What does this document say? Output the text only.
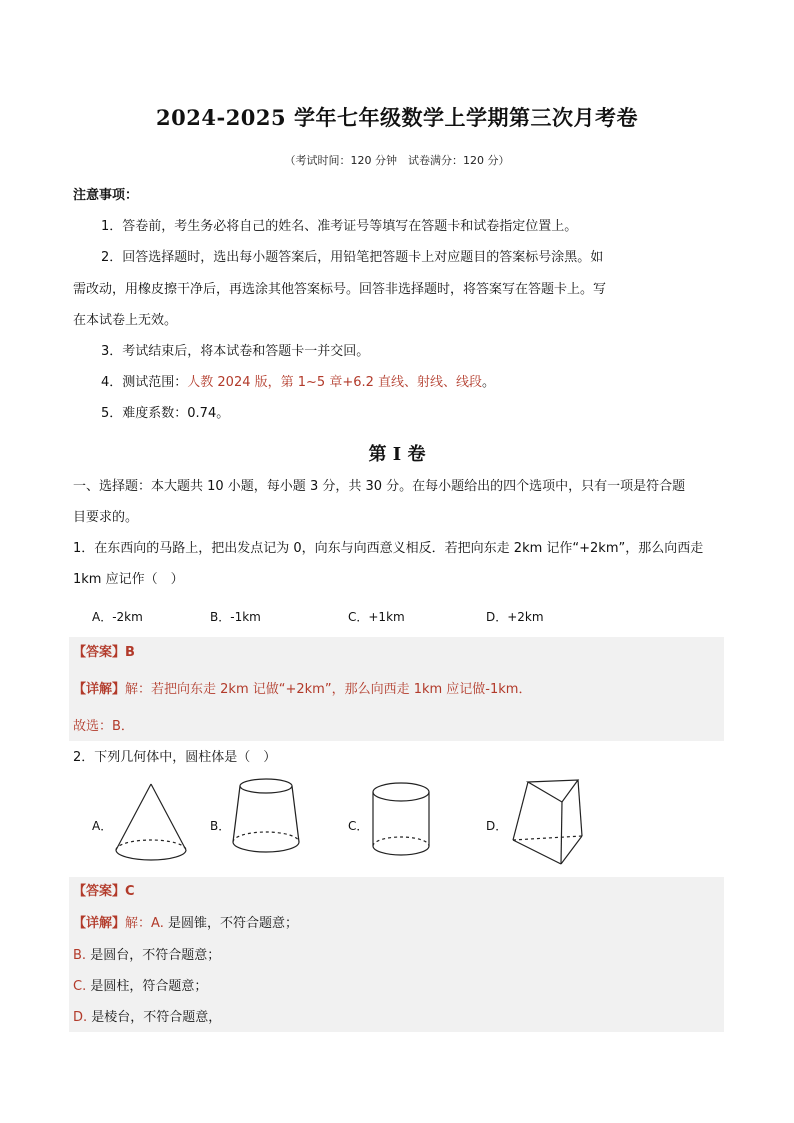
2024-2025 学年七年级数学上学期第三次月考卷
（考试时间：120 分钟　试卷满分：120 分）
注意事项：
1．答卷前，考生务必将自己的姓名、准考证号等填写在答题卡和试卷指定位置上。
2．回答选择题时，选出每小题答案后，用铅笔把答题卡上对应题目的答案标号涂黑。如
需改动，用橡皮擦干净后，再选涂其他答案标号。回答非选择题时，将答案写在答题卡上。写
在本试卷上无效。
3．考试结束后，将本试卷和答题卡一并交回。
4．测试范围：人教 2024 版，第 1~5 章+6.2 直线、射线、线段。
5．难度系数：0.74。
第 Ⅰ 卷
一、选择题：本大题共 10 小题，每小题 3 分，共 30 分。在每小题给出的四个选项中，只有一项是符合题
目要求的。
1．在东西向的马路上，把出发点记为 0，向东与向西意义相反．若把向东走 2km 记作“+2km”，那么向西走
1km 应记作（　）
A．-2km	B．-1km	C．+1km	D．+2km
【答案】B
【详解】解：若把向东走 2km 记做“+2km”，那么向西走 1km 应记做-1km．
故选：B．
2．下列几何体中，圆柱体是（　）
A．	B．	C．	D．
【答案】C
【详解】解：A. 是圆锥，不符合题意；
B. 是圆台，不符合题意；
C. 是圆柱，符合题意；
D. 是棱台，不符合题意，
